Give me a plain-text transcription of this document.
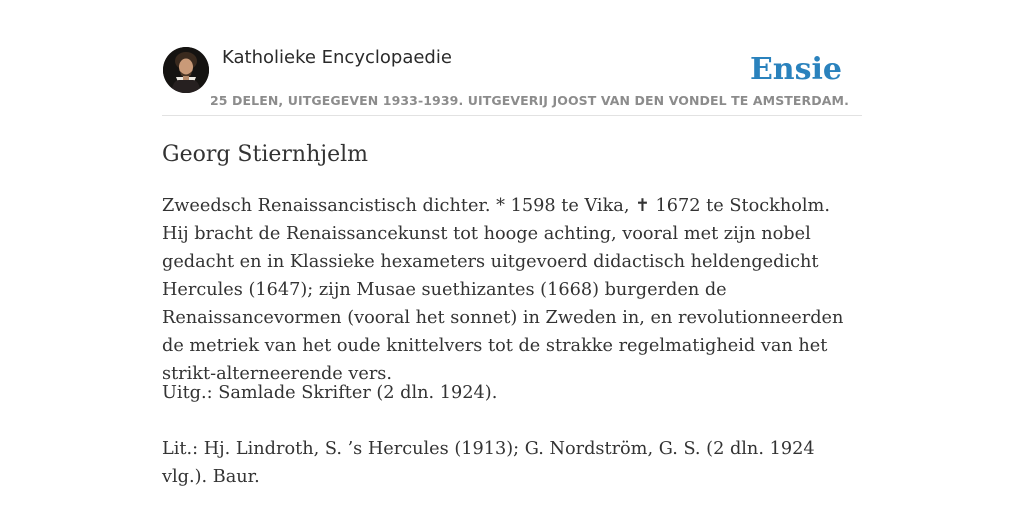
Katholieke Encyclopaedie	Ensie
25 DELEN, UITGEGEVEN 1933-1939. UITGEVERIJ JOOST VAN DEN VONDEL TE AMSTERDAM.
Georg Stiernhjelm

Zweedsch Renaissancistisch dichter. * 1598 te Vika, ✝ 1672 te Stockholm. Hij bracht de Renaissancekunst tot hooge achting, vooral met zijn nobel gedacht en in Klassieke hexameters uitgevoerd didactisch heldengedicht Hercules (1647); zijn Musae suethizantes (1668) burgerden de Renaissancevormen (vooral het sonnet) in Zweden in, en revolutionneerden de metriek van het oude knittelvers tot de strakke regelmatigheid van het strikt-alterneerende vers.

Uitg.: Samlade Skrifter (2 dln. 1924).

Lit.: Hj. Lindroth, S. ’s Hercules (1913); G. Nordström, G. S. (2 dln. 1924 vlg.). Baur.
